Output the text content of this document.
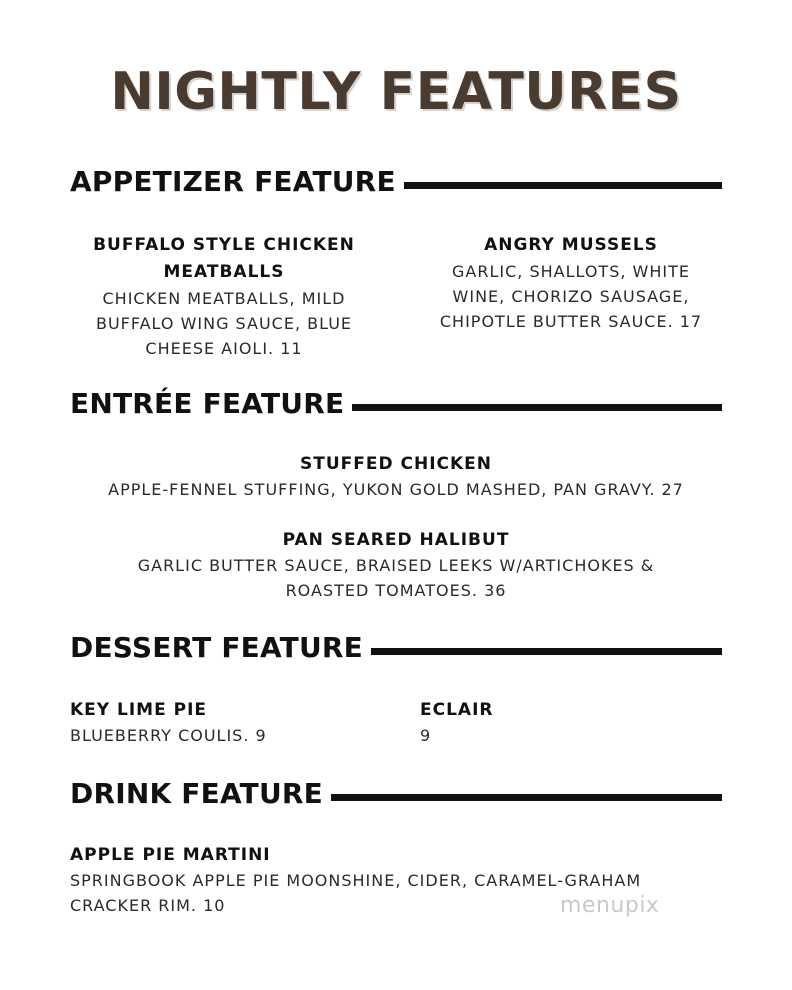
NIGHTLY FEATURES
APPETIZER FEATURE
BUFFALO STYLE CHICKEN MEATBALLS
CHICKEN MEATBALLS, MILD BUFFALO WING SAUCE, BLUE CHEESE AIOLI. 11
ANGRY MUSSELS
GARLIC, SHALLOTS, WHITE WINE, CHORIZO SAUSAGE, CHIPOTLE BUTTER SAUCE. 17
ENTRÉE FEATURE
STUFFED CHICKEN
APPLE-FENNEL STUFFING, YUKON GOLD MASHED, PAN GRAVY. 27
PAN SEARED HALIBUT
GARLIC BUTTER SAUCE, BRAISED LEEKS W/ARTICHOKES & ROASTED TOMATOES. 36
DESSERT FEATURE
KEY LIME PIE
BLUEBERRY COULIS. 9
ECLAIR
9
DRINK FEATURE
APPLE PIE MARTINI
SPRINGBOOK APPLE PIE MOONSHINE, CIDER, CARAMEL-GRAHAM CRACKER RIM. 10	menupix
